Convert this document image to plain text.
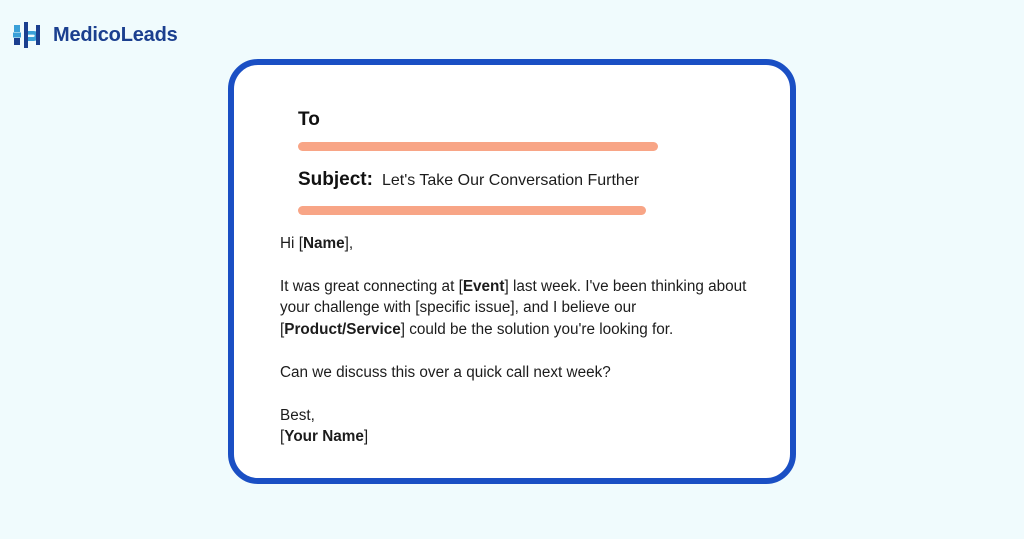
MedicoLeads
To
Subject: Let's Take Our Conversation Further

Hi [Name],

It was great connecting at [Event] last week. I've been thinking about your challenge with [specific issue], and I believe our [Product/Service] could be the solution you're looking for.

Can we discuss this over a quick call next week?

Best,
[Your Name]
